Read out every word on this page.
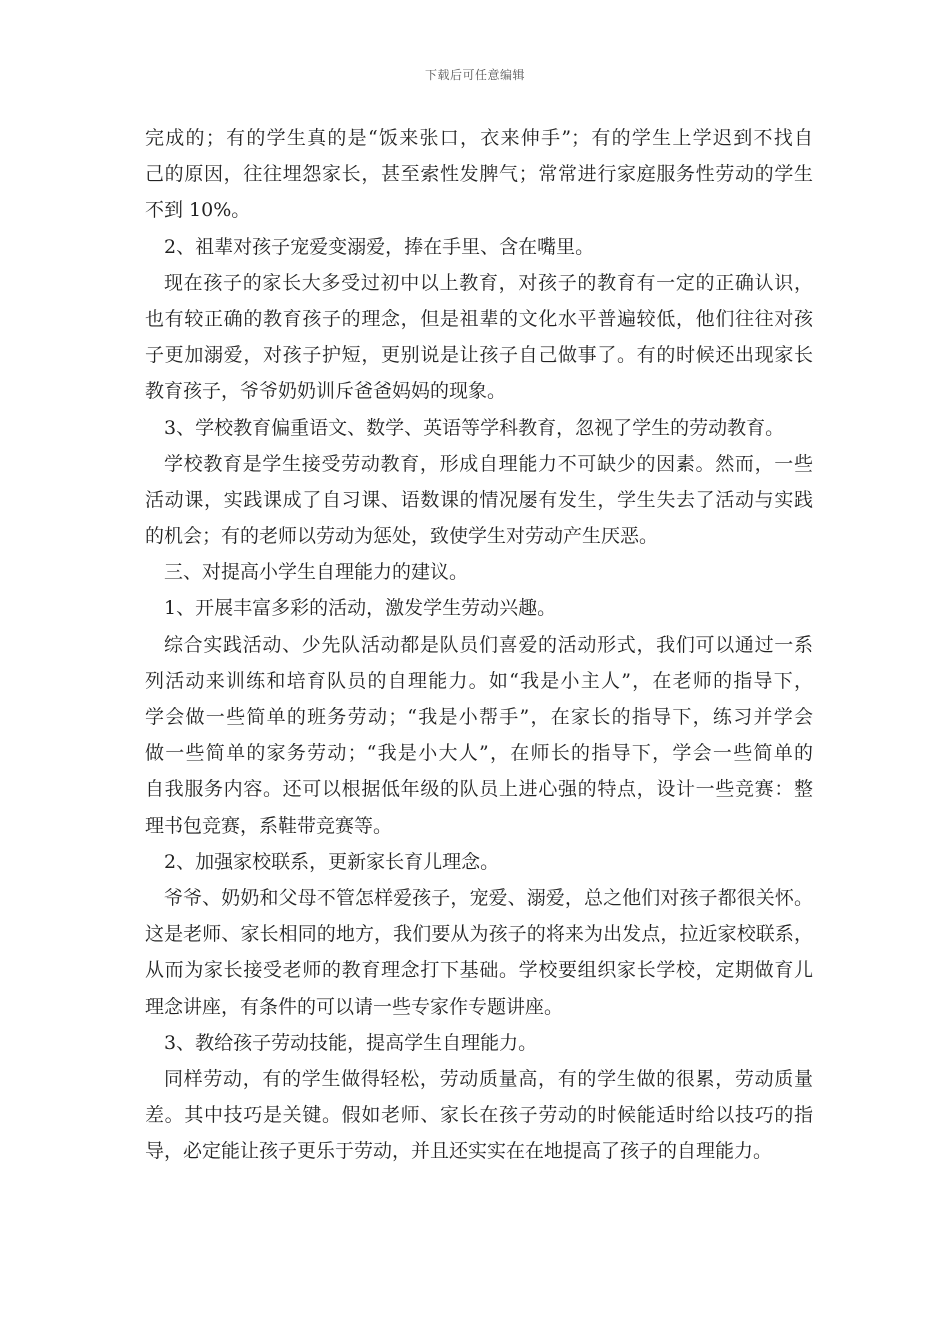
下载后可任意编辑
完成的；有的学生真的是“饭来张口，衣来伸手”；有的学生上学迟到不找自
己的原因，往往埋怨家长，甚至索性发脾气；常常进行家庭服务性劳动的学生
不到 10%。
2、祖辈对孩子宠爱变溺爱，捧在手里、含在嘴里。
现在孩子的家长大多受过初中以上教育，对孩子的教育有一定的正确认识，
也有较正确的教育孩子的理念，但是祖辈的文化水平普遍较低，他们往往对孩
子更加溺爱，对孩子护短，更别说是让孩子自己做事了。有的时候还出现家长
教育孩子，爷爷奶奶训斥爸爸妈妈的现象。
3、学校教育偏重语文、数学、英语等学科教育，忽视了学生的劳动教育。
学校教育是学生接受劳动教育，形成自理能力不可缺少的因素。然而，一些
活动课，实践课成了自习课、语数课的情况屡有发生，学生失去了活动与实践
的机会；有的老师以劳动为惩处，致使学生对劳动产生厌恶。
三、对提高小学生自理能力的建议。
1、开展丰富多彩的活动，激发学生劳动兴趣。
综合实践活动、少先队活动都是队员们喜爱的活动形式，我们可以通过一系
列活动来训练和培育队员的自理能力。如“我是小主人”，在老师的指导下，
学会做一些简单的班务劳动；“我是小帮手”，在家长的指导下，练习并学会
做一些简单的家务劳动；“我是小大人”，在师长的指导下，学会一些简单的
自我服务内容。还可以根据低年级的队员上进心强的特点，设计一些竞赛：整
理书包竞赛，系鞋带竞赛等。
2、加强家校联系，更新家长育儿理念。
爷爷、奶奶和父母不管怎样爱孩子，宠爱、溺爱，总之他们对孩子都很关怀。
这是老师、家长相同的地方，我们要从为孩子的将来为出发点，拉近家校联系，
从而为家长接受老师的教育理念打下基础。学校要组织家长学校，定期做育儿
理念讲座，有条件的可以请一些专家作专题讲座。
3、教给孩子劳动技能，提高学生自理能力。
同样劳动，有的学生做得轻松，劳动质量高，有的学生做的很累，劳动质量
差。其中技巧是关键。假如老师、家长在孩子劳动的时候能适时给以技巧的指
导，必定能让孩子更乐于劳动，并且还实实在在地提高了孩子的自理能力。
